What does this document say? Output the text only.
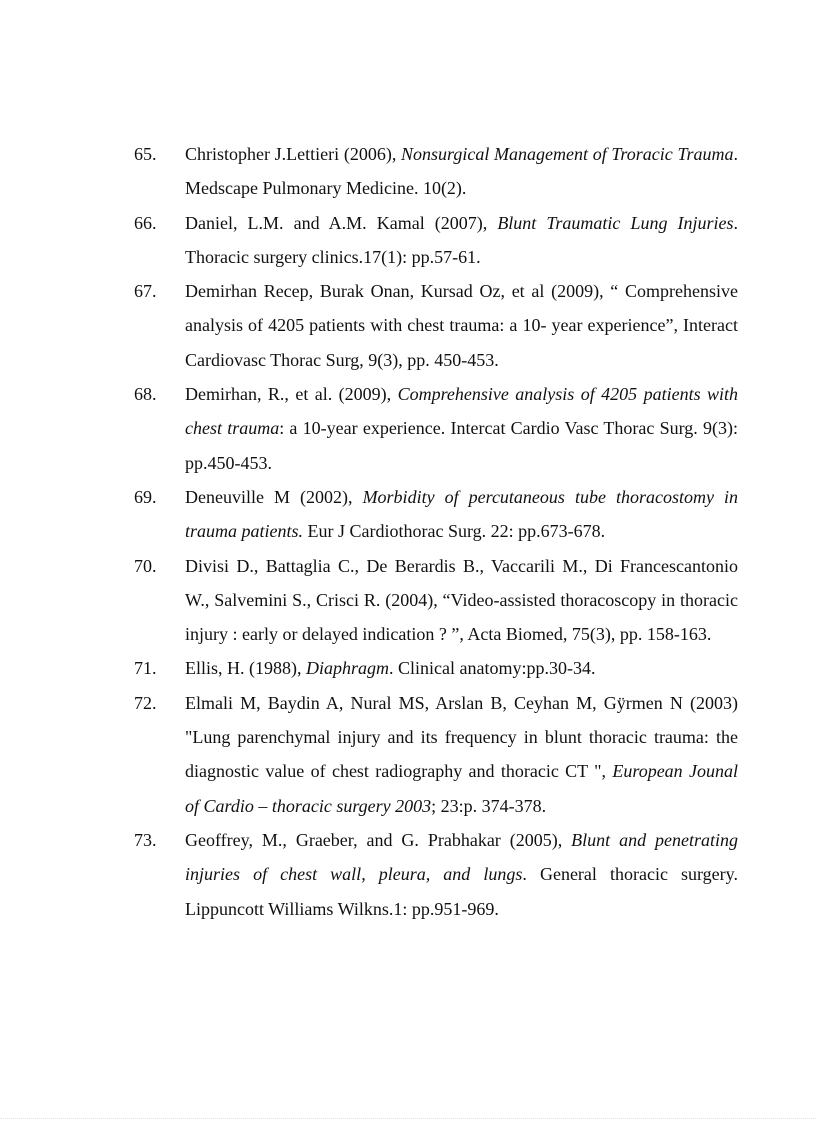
65.	Christopher J.Lettieri (2006), Nonsurgical Management of Troracic Trauma. Medscape Pulmonary Medicine. 10(2).
66.	Daniel, L.M. and A.M. Kamal (2007), Blunt Traumatic Lung Injuries. Thoracic surgery clinics.17(1): pp.57-61.
67.	Demirhan Recep, Burak Onan, Kursad Oz, et al (2009), “ Comprehensive analysis of 4205 patients with chest trauma: a 10- year experience”, Interact Cardiovasc Thorac Surg, 9(3), pp. 450-453.
68.	Demirhan, R., et al. (2009), Comprehensive analysis of 4205 patients with chest trauma: a 10-year experience. Intercat Cardio Vasc Thorac Surg. 9(3): pp.450-453.
69.	Deneuville M (2002), Morbidity of percutaneous tube thoracostomy in trauma patients. Eur J Cardiothorac Surg. 22: pp.673-678.
70.	Divisi D., Battaglia C., De Berardis B., Vaccarili M., Di Francescantonio W., Salvemini S., Crisci R. (2004), “Video-assisted thoracoscopy in thoracic injury : early or delayed indication ? ”, Acta Biomed, 75(3), pp. 158-163.
71.	Ellis, H. (1988), Diaphragm. Clinical anatomy:pp.30-34.
72.	Elmali M, Baydin A, Nural MS, Arslan B, Ceyhan M, Gÿrmen N (2003) "Lung parenchymal injury and its frequency in blunt thoracic trauma: the diagnostic value of chest radiography and thoracic CT ", European Jounal of Cardio – thoracic surgery 2003; 23:p. 374-378.
73.	Geoffrey, M., Graeber, and G. Prabhakar (2005), Blunt and penetrating injuries of chest wall, pleura, and lungs. General thoracic surgery. Lippuncott Williams Wilkns.1: pp.951-969.
